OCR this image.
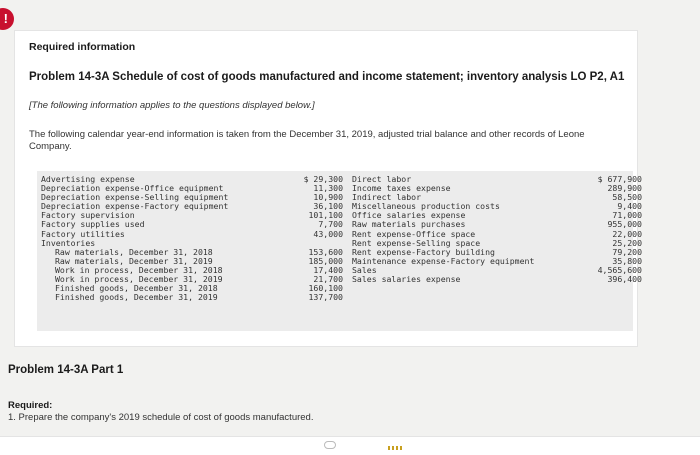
!
Required information
Problem 14-3A Schedule of cost of goods manufactured and income statement; inventory analysis LO P2, A1
[The following information applies to the questions displayed below.]
The following calendar year-end information is taken from the December 31, 2019, adjusted trial balance and other records of Leone Company.
Advertising expense
Depreciation expense-Office equipment
Depreciation expense-Selling equipment
Depreciation expense-Factory equipment
Factory supervision
Factory supplies used
Factory utilities
Inventories
Raw materials, December 31, 2018
Raw materials, December 31, 2019
Work in process, December 31, 2018
Work in process, December 31, 2019
Finished goods, December 31, 2018
Finished goods, December 31, 2019
$ 29,300
11,300
10,900
36,100
101,100
7,700
43,000
153,600
185,000
17,400
21,700
160,100
137,700
Direct labor
Income taxes expense
Indirect labor
Miscellaneous production costs
Office salaries expense
Raw materials purchases
Rent expense-Office space
Rent expense-Selling space
Rent expense-Factory building
Maintenance expense-Factory equipment
Sales
Sales salaries expense
$ 677,900
289,900
58,500
9,400
71,000
955,000
22,000
25,200
79,200
35,800
4,565,600
396,400
Problem 14-3A Part 1
Required:
1. Prepare the company's 2019 schedule of cost of goods manufactured.
